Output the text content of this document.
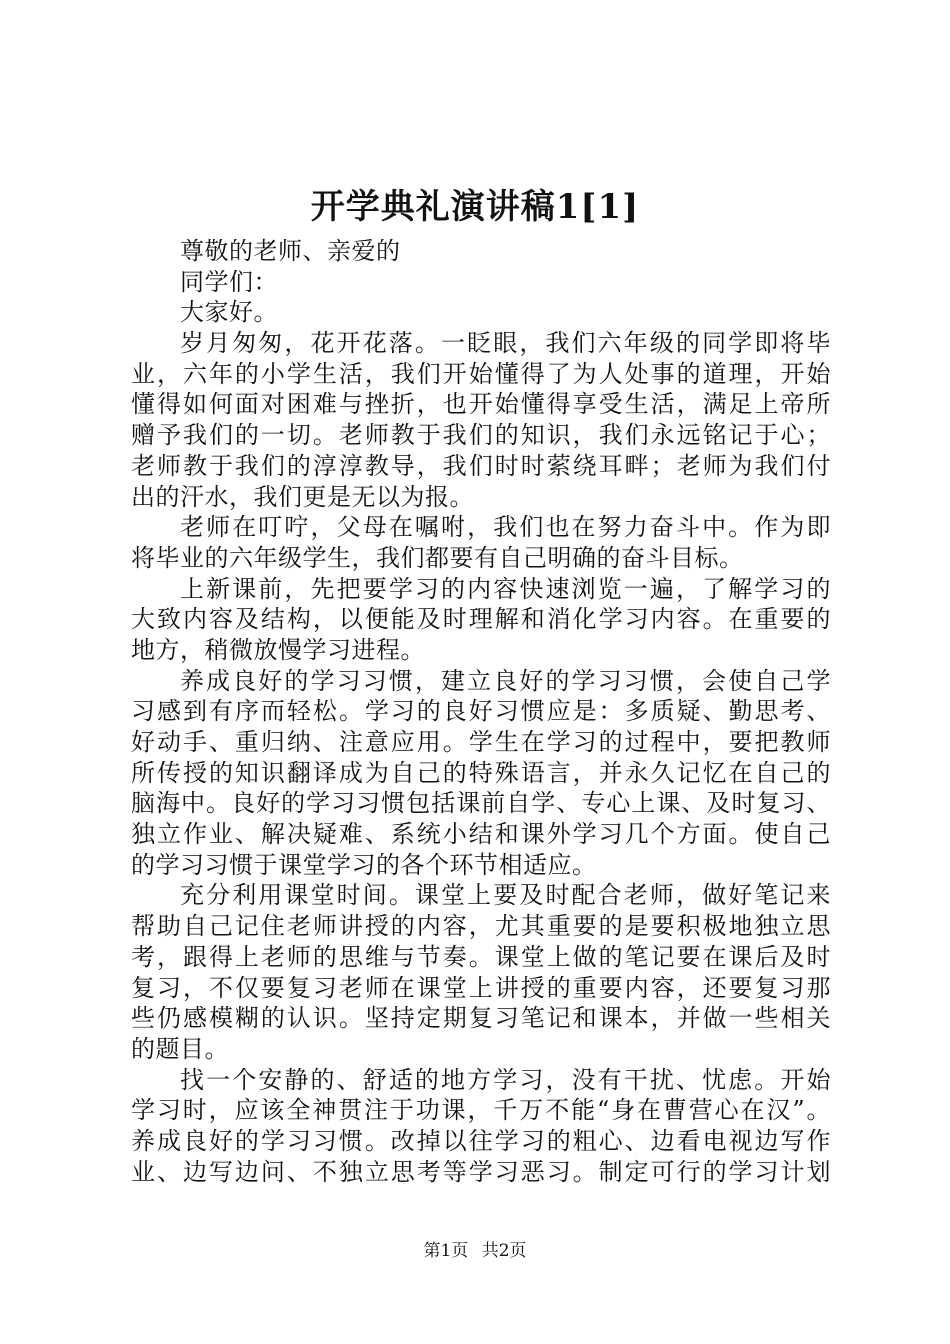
开学典礼演讲稿1[1]
尊敬的老师、亲爱的
同学们：
大家好。
岁月匆匆，花开花落。一眨眼，我们六年级的同学即将毕
业，六年的小学生活，我们开始懂得了为人处事的道理，开始
懂得如何面对困难与挫折，也开始懂得享受生活，满足上帝所
赠予我们的一切。老师教于我们的知识，我们永远铭记于心；
老师教于我们的淳淳教导，我们时时萦绕耳畔；老师为我们付
出的汗水，我们更是无以为报。
老师在叮咛，父母在嘱咐，我们也在努力奋斗中。作为即
将毕业的六年级学生，我们都要有自己明确的奋斗目标。
上新课前，先把要学习的内容快速浏览一遍，了解学习的
大致内容及结构，以便能及时理解和消化学习内容。在重要的
地方，稍微放慢学习进程。
养成良好的学习习惯，建立良好的学习习惯，会使自己学
习感到有序而轻松。学习的良好习惯应是：多质疑、勤思考、
好动手、重归纳、注意应用。学生在学习的过程中，要把教师
所传授的知识翻译成为自己的特殊语言，并永久记忆在自己的
脑海中。良好的学习习惯包括课前自学、专心上课、及时复习、
独立作业、解决疑难、系统小结和课外学习几个方面。使自己
的学习习惯于课堂学习的各个环节相适应。
充分利用课堂时间。课堂上要及时配合老师，做好笔记来
帮助自己记住老师讲授的内容，尤其重要的是要积极地独立思
考，跟得上老师的思维与节奏。课堂上做的笔记要在课后及时
复习，不仅要复习老师在课堂上讲授的重要内容，还要复习那
些仍感模糊的认识。坚持定期复习笔记和课本，并做一些相关
的题目。
找一个安静的、舒适的地方学习，没有干扰、忧虑。开始
学习时，应该全神贯注于功课，千万不能“身在曹营心在汉”。
养成良好的学习习惯。改掉以往学习的粗心、边看电视边写作
业、边写边问、不独立思考等学习恶习。制定可行的学习计划
第1页 共2页
